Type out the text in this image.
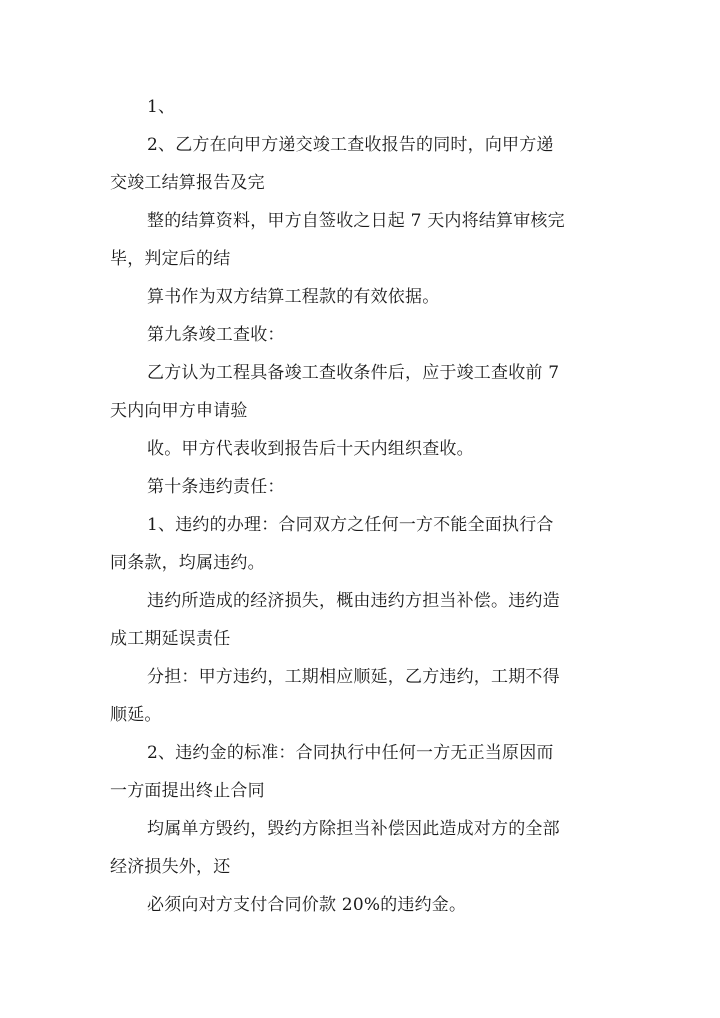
1、
2、乙方在向甲方递交竣工查收报告的同时，向甲方递
交竣工结算报告及完
整的结算资料，甲方自签收之日起 7 天内将结算审核完
毕，判定后的结
算书作为双方结算工程款的有效依据。
第九条竣工查收：
乙方认为工程具备竣工查收条件后，应于竣工查收前 7
天内向甲方申请验
收。甲方代表收到报告后十天内组织查收。
第十条违约责任：
1、违约的办理：合同双方之任何一方不能全面执行合
同条款，均属违约。
违约所造成的经济损失，概由违约方担当补偿。违约造
成工期延误责任
分担：甲方违约，工期相应顺延，乙方违约，工期不得
顺延。
2、违约金的标准：合同执行中任何一方无正当原因而
一方面提出终止合同
均属单方毁约，毁约方除担当补偿因此造成对方的全部
经济损失外，还
必须向对方支付合同价款 20%的违约金。
